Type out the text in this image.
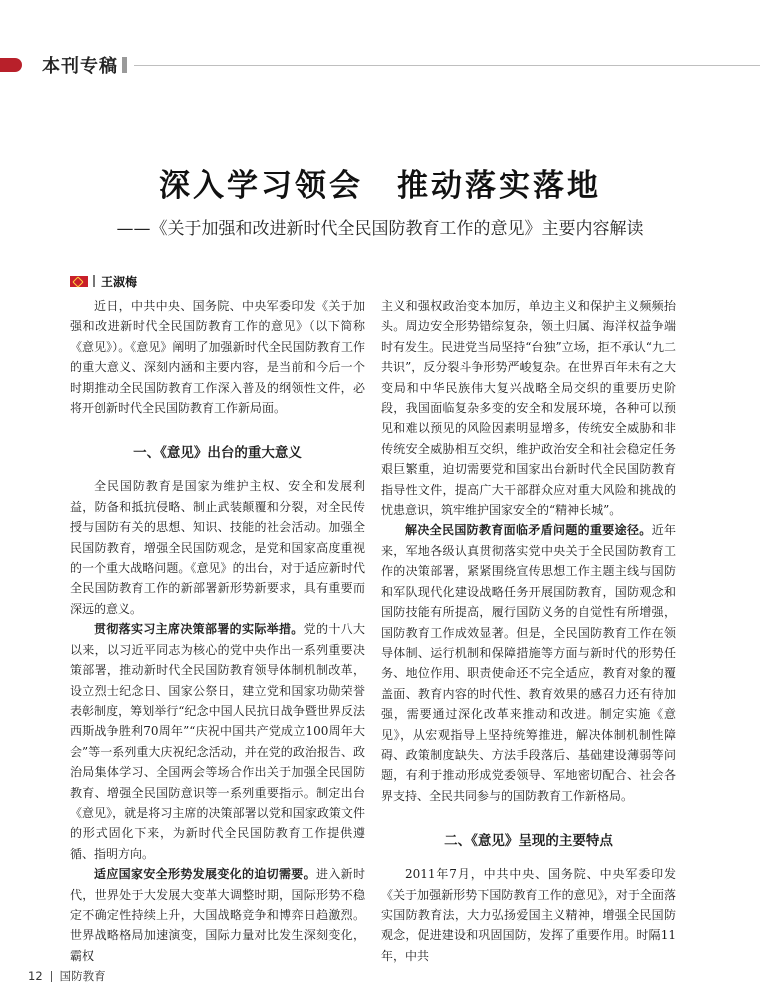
本刊专稿
深入学习领会　推动落实落地
——《关于加强和改进新时代全民国防教育工作的意见》主要内容解读
王淑梅

近日，中共中央、国务院、中央军委印发《关于加强和改进新时代全民国防教育工作的意见》（以下简称《意见》）。《意见》阐明了加强新时代全民国防教育工作的重大意义、深刻内涵和主要内容，是当前和今后一个时期推动全民国防教育工作深入普及的纲领性文件，必将开创新时代全民国防教育工作新局面。

一、《意见》出台的重大意义

全民国防教育是国家为维护主权、安全和发展利益，防备和抵抗侵略、制止武装颠覆和分裂，对全民传授与国防有关的思想、知识、技能的社会活动。加强全民国防教育，增强全民国防观念，是党和国家高度重视的一个重大战略问题。《意见》的出台，对于适应新时代全民国防教育工作的新部署新形势新要求，具有重要而深远的意义。

贯彻落实习主席决策部署的实际举措。党的十八大以来，以习近平同志为核心的党中央作出一系列重要决策部署，推动新时代全民国防教育领导体制机制改革，设立烈士纪念日、国家公祭日，建立党和国家功勋荣誉表彰制度，筹划举行“纪念中国人民抗日战争暨世界反法西斯战争胜利70周年”“庆祝中国共产党成立100周年大会”等一系列重大庆祝纪念活动，并在党的政治报告、政治局集体学习、全国两会等场合作出关于加强全民国防教育、增强全民国防意识等一系列重要指示。制定出台《意见》，就是将习主席的决策部署以党和国家政策文件的形式固化下来，为新时代全民国防教育工作提供遵循、指明方向。

适应国家安全形势发展变化的迫切需要。进入新时代，世界处于大发展大变革大调整时期，国际形势不稳定不确定性持续上升，大国战略竞争和博弈日趋激烈。世界战略格局加速演变，国际力量对比发生深刻变化，霸权

主义和强权政治变本加厉，单边主义和保护主义频频抬头。周边安全形势错综复杂，领土归属、海洋权益争端时有发生。民进党当局坚持“台独”立场，拒不承认“九二共识”，反分裂斗争形势严峻复杂。在世界百年未有之大变局和中华民族伟大复兴战略全局交织的重要历史阶段，我国面临复杂多变的安全和发展环境，各种可以预见和难以预见的风险因素明显增多，传统安全威胁和非传统安全威胁相互交织，维护政治安全和社会稳定任务艰巨繁重，迫切需要党和国家出台新时代全民国防教育指导性文件，提高广大干部群众应对重大风险和挑战的忧患意识，筑牢维护国家安全的“精神长城”。

解决全民国防教育面临矛盾问题的重要途径。近年来，军地各级认真贯彻落实党中央关于全民国防教育工作的决策部署，紧紧围绕宣传思想工作主题主线与国防和军队现代化建设战略任务开展国防教育，国防观念和国防技能有所提高，履行国防义务的自觉性有所增强，国防教育工作成效显著。但是，全民国防教育工作在领导体制、运行机制和保障措施等方面与新时代的形势任务、地位作用、职责使命还不完全适应，教育对象的覆盖面、教育内容的时代性、教育效果的感召力还有待加强，需要通过深化改革来推动和改进。制定实施《意见》，从宏观指导上坚持统筹推进，解决体制机制性障碍、政策制度缺失、方法手段落后、基础建设薄弱等问题，有利于推动形成党委领导、军地密切配合、社会各界支持、全民共同参与的国防教育工作新格局。

二、《意见》呈现的主要特点

2011年7月，中共中央、国务院、中央军委印发《关于加强新形势下国防教育工作的意见》，对于全面落实国防教育法，大力弘扬爱国主义精神，增强全民国防观念，促进建设和巩固国防，发挥了重要作用。时隔11年，中共

12 国防教育
